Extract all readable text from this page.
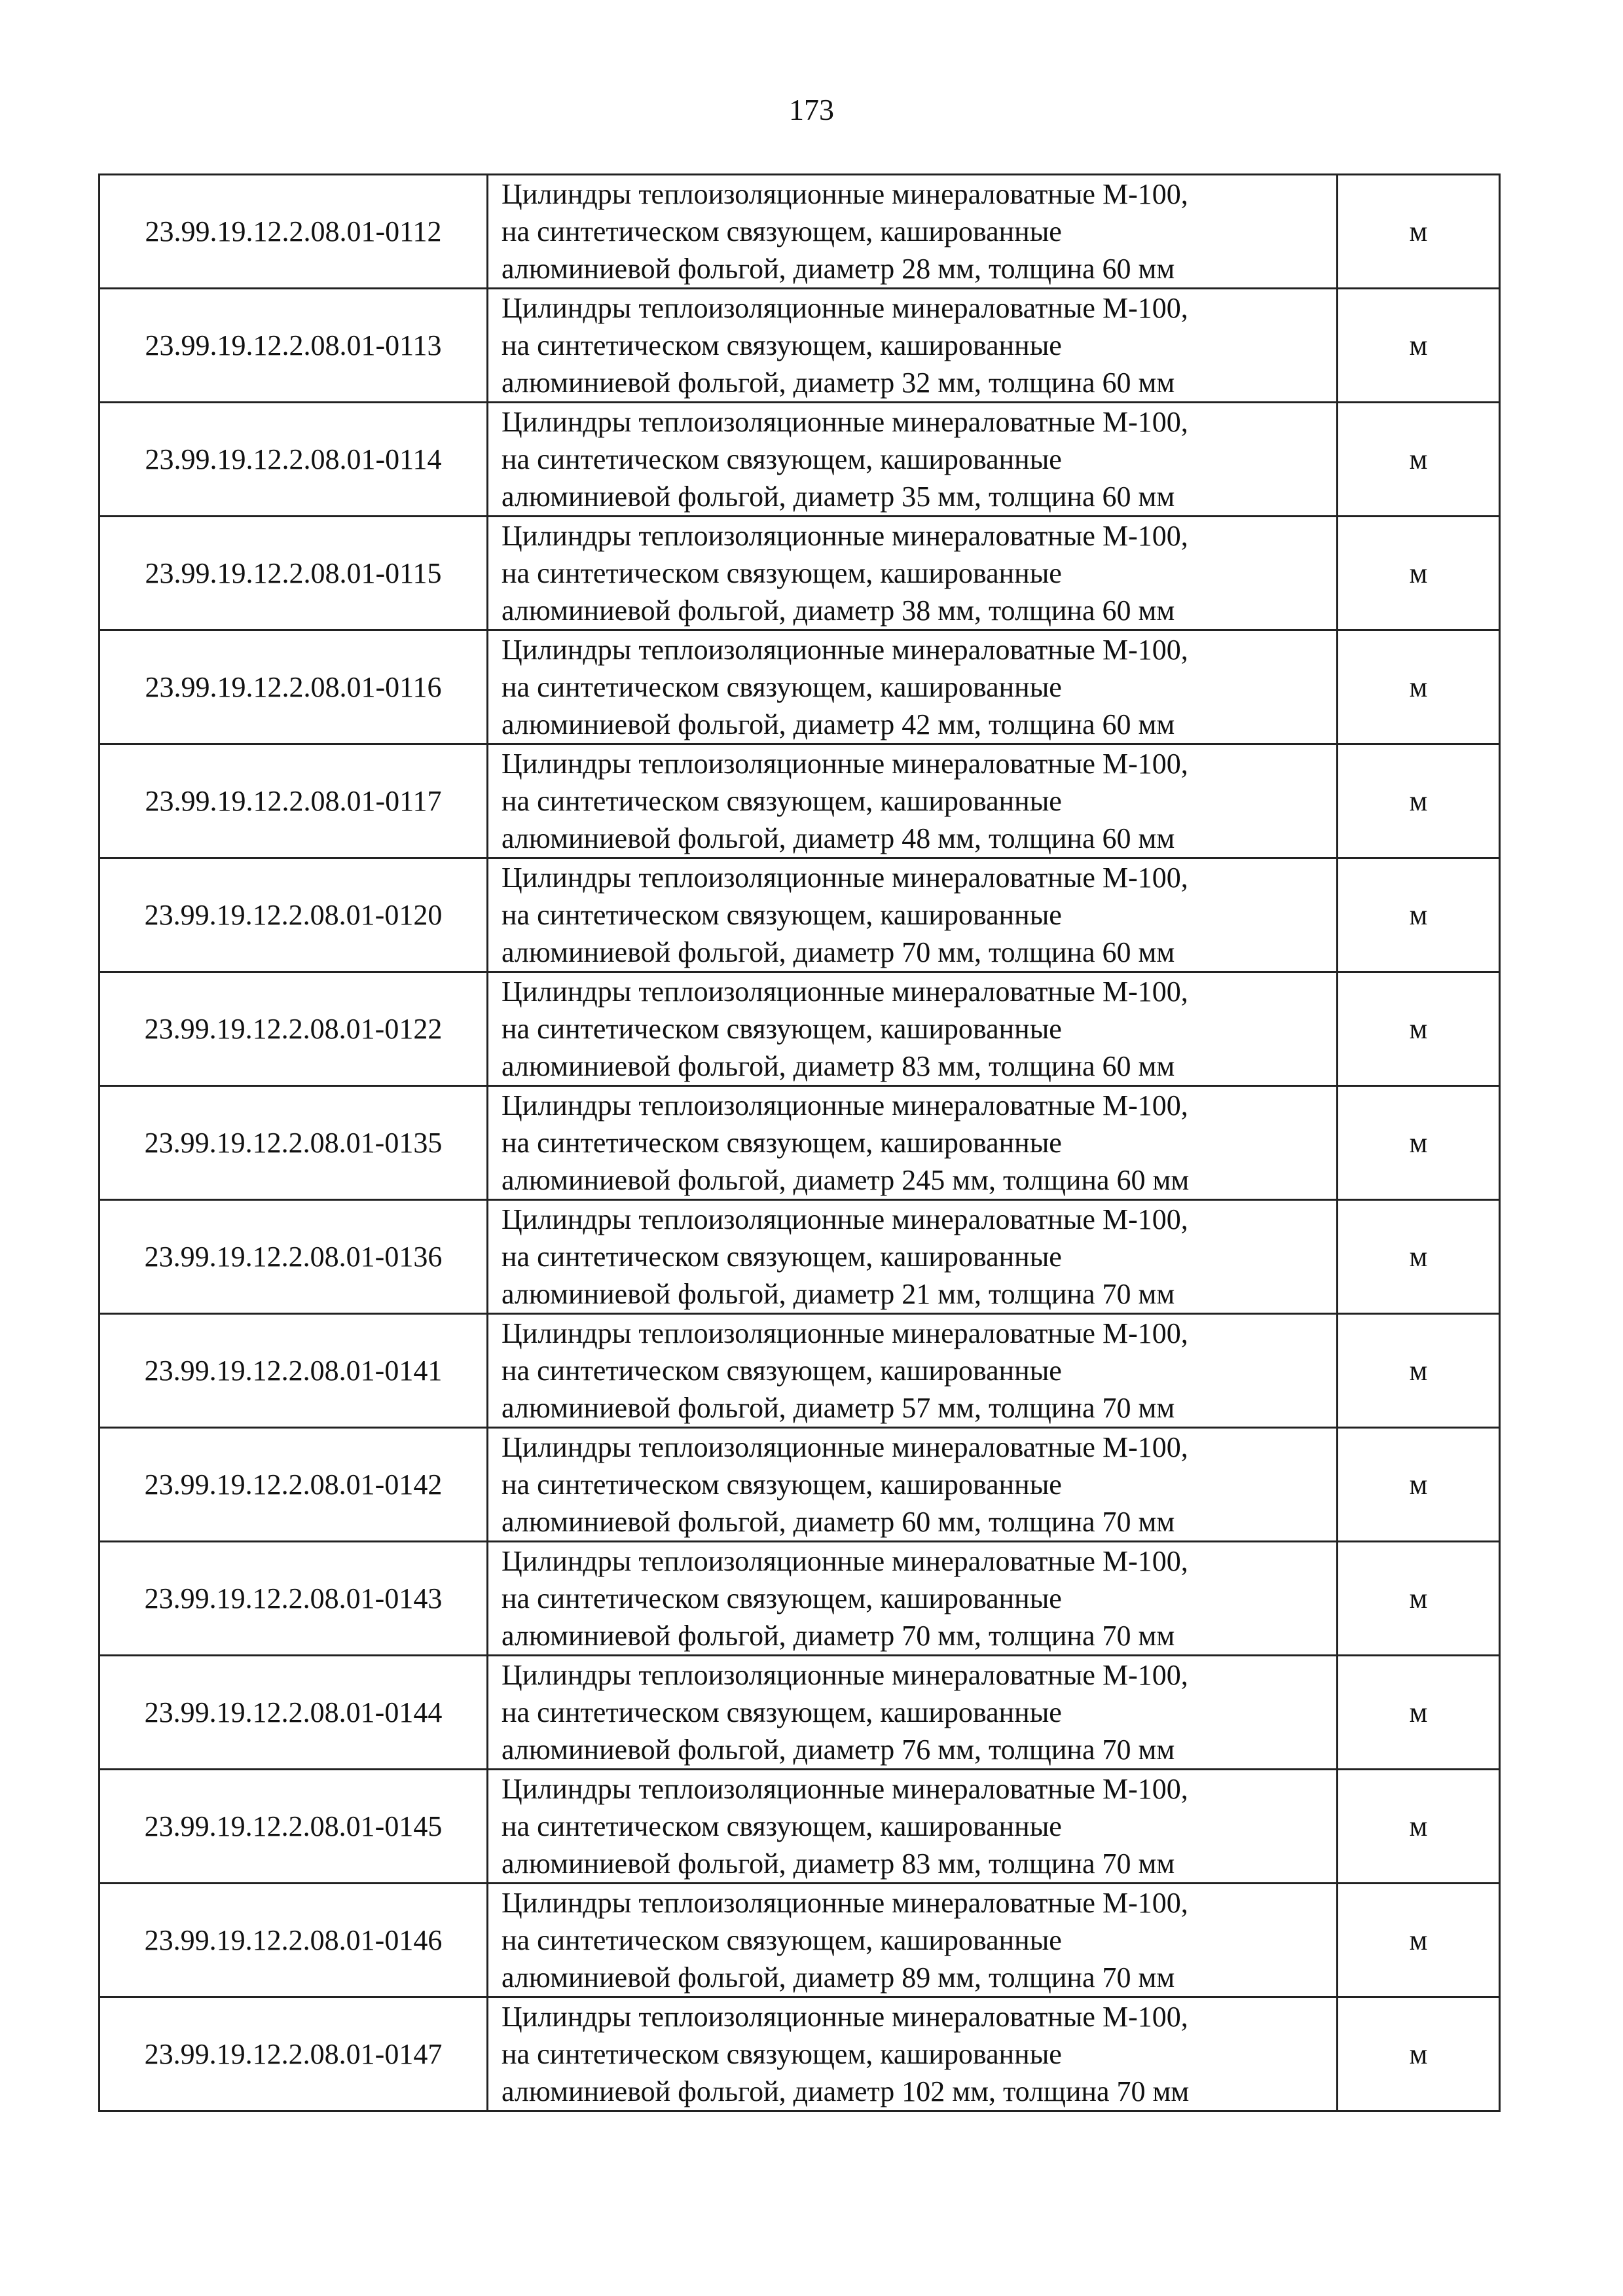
173
23.99.19.12.2.08.01-0112	Цилиндры теплоизоляционные минераловатные М-100,
на синтетическом связующем, кашированные
алюминиевой фольгой, диаметр 28 мм, толщина 60 мм	м
23.99.19.12.2.08.01-0113	Цилиндры теплоизоляционные минераловатные М-100,
на синтетическом связующем, кашированные
алюминиевой фольгой, диаметр 32 мм, толщина 60 мм	м
23.99.19.12.2.08.01-0114	Цилиндры теплоизоляционные минераловатные М-100,
на синтетическом связующем, кашированные
алюминиевой фольгой, диаметр 35 мм, толщина 60 мм	м
23.99.19.12.2.08.01-0115	Цилиндры теплоизоляционные минераловатные М-100,
на синтетическом связующем, кашированные
алюминиевой фольгой, диаметр 38 мм, толщина 60 мм	м
23.99.19.12.2.08.01-0116	Цилиндры теплоизоляционные минераловатные М-100,
на синтетическом связующем, кашированные
алюминиевой фольгой, диаметр 42 мм, толщина 60 мм	м
23.99.19.12.2.08.01-0117	Цилиндры теплоизоляционные минераловатные М-100,
на синтетическом связующем, кашированные
алюминиевой фольгой, диаметр 48 мм, толщина 60 мм	м
23.99.19.12.2.08.01-0120	Цилиндры теплоизоляционные минераловатные М-100,
на синтетическом связующем, кашированные
алюминиевой фольгой, диаметр 70 мм, толщина 60 мм	м
23.99.19.12.2.08.01-0122	Цилиндры теплоизоляционные минераловатные М-100,
на синтетическом связующем, кашированные
алюминиевой фольгой, диаметр 83 мм, толщина 60 мм	м
23.99.19.12.2.08.01-0135	Цилиндры теплоизоляционные минераловатные М-100,
на синтетическом связующем, кашированные
алюминиевой фольгой, диаметр 245 мм, толщина 60 мм	м
23.99.19.12.2.08.01-0136	Цилиндры теплоизоляционные минераловатные М-100,
на синтетическом связующем, кашированные
алюминиевой фольгой, диаметр 21 мм, толщина 70 мм	м
23.99.19.12.2.08.01-0141	Цилиндры теплоизоляционные минераловатные М-100,
на синтетическом связующем, кашированные
алюминиевой фольгой, диаметр 57 мм, толщина 70 мм	м
23.99.19.12.2.08.01-0142	Цилиндры теплоизоляционные минераловатные М-100,
на синтетическом связующем, кашированные
алюминиевой фольгой, диаметр 60 мм, толщина 70 мм	м
23.99.19.12.2.08.01-0143	Цилиндры теплоизоляционные минераловатные М-100,
на синтетическом связующем, кашированные
алюминиевой фольгой, диаметр 70 мм, толщина 70 мм	м
23.99.19.12.2.08.01-0144	Цилиндры теплоизоляционные минераловатные М-100,
на синтетическом связующем, кашированные
алюминиевой фольгой, диаметр 76 мм, толщина 70 мм	м
23.99.19.12.2.08.01-0145	Цилиндры теплоизоляционные минераловатные М-100,
на синтетическом связующем, кашированные
алюминиевой фольгой, диаметр 83 мм, толщина 70 мм	м
23.99.19.12.2.08.01-0146	Цилиндры теплоизоляционные минераловатные М-100,
на синтетическом связующем, кашированные
алюминиевой фольгой, диаметр 89 мм, толщина 70 мм	м
23.99.19.12.2.08.01-0147	Цилиндры теплоизоляционные минераловатные М-100,
на синтетическом связующем, кашированные
алюминиевой фольгой, диаметр 102 мм, толщина 70 мм	м
